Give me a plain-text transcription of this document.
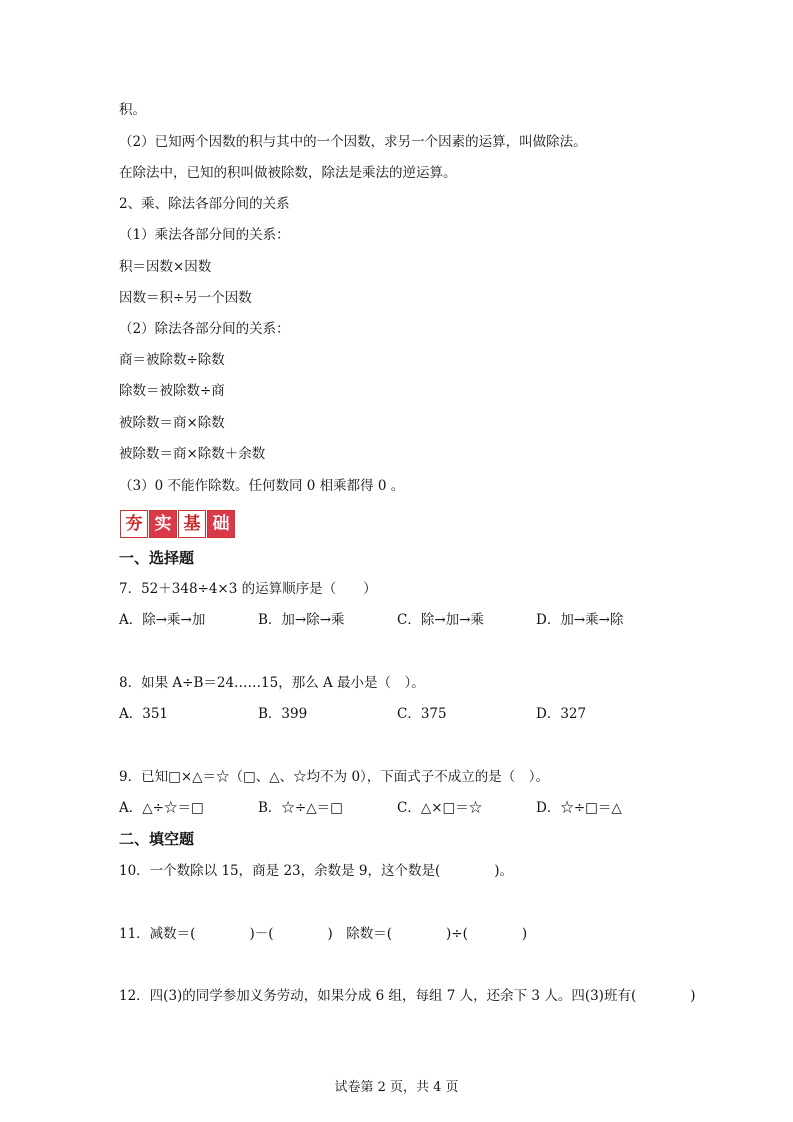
积。
（2）已知两个因数的积与其中的一个因数，求另一个因素的运算，叫做除法。
在除法中，已知的积叫做被除数，除法是乘法的逆运算。
2、乘、除法各部分间的关系
（1）乘法各部分间的关系：
积＝因数×因数
因数＝积÷另一个因数
（2）除法各部分间的关系：
商＝被除数÷除数
除数＝被除数÷商
被除数＝商×除数
被除数＝商×除数＋余数
（3）0 不能作除数。任何数同 0 相乘都得 0 。
夯 实 基 础
一、选择题
7．52＋348÷4×3 的运算顺序是（　　）
A．除→乘→加	B．加→除→乘	C．除→加→乘	D．加→乘→除
8．如果 A÷B＝24……15，那么 A 最小是（　）。
A．351	B．399	C．375	D．327
9．已知□×△＝☆（□、△、☆均不为 0），下面式子不成立的是（　）。
A．△÷☆＝□	B．☆÷△＝□	C．△×□＝☆	D．☆÷□＝△
二、填空题
10．一个数除以 15，商是 23，余数是 9，这个数是(　　　　)。
11．减数＝(　　　　)－(　　　　)　除数＝(　　　　)÷(　　　　)
12．四(3)的同学参加义务劳动，如果分成 6 组，每组 7 人，还余下 3 人。四(3)班有(　　　　)
试卷第 2 页，共 4 页
